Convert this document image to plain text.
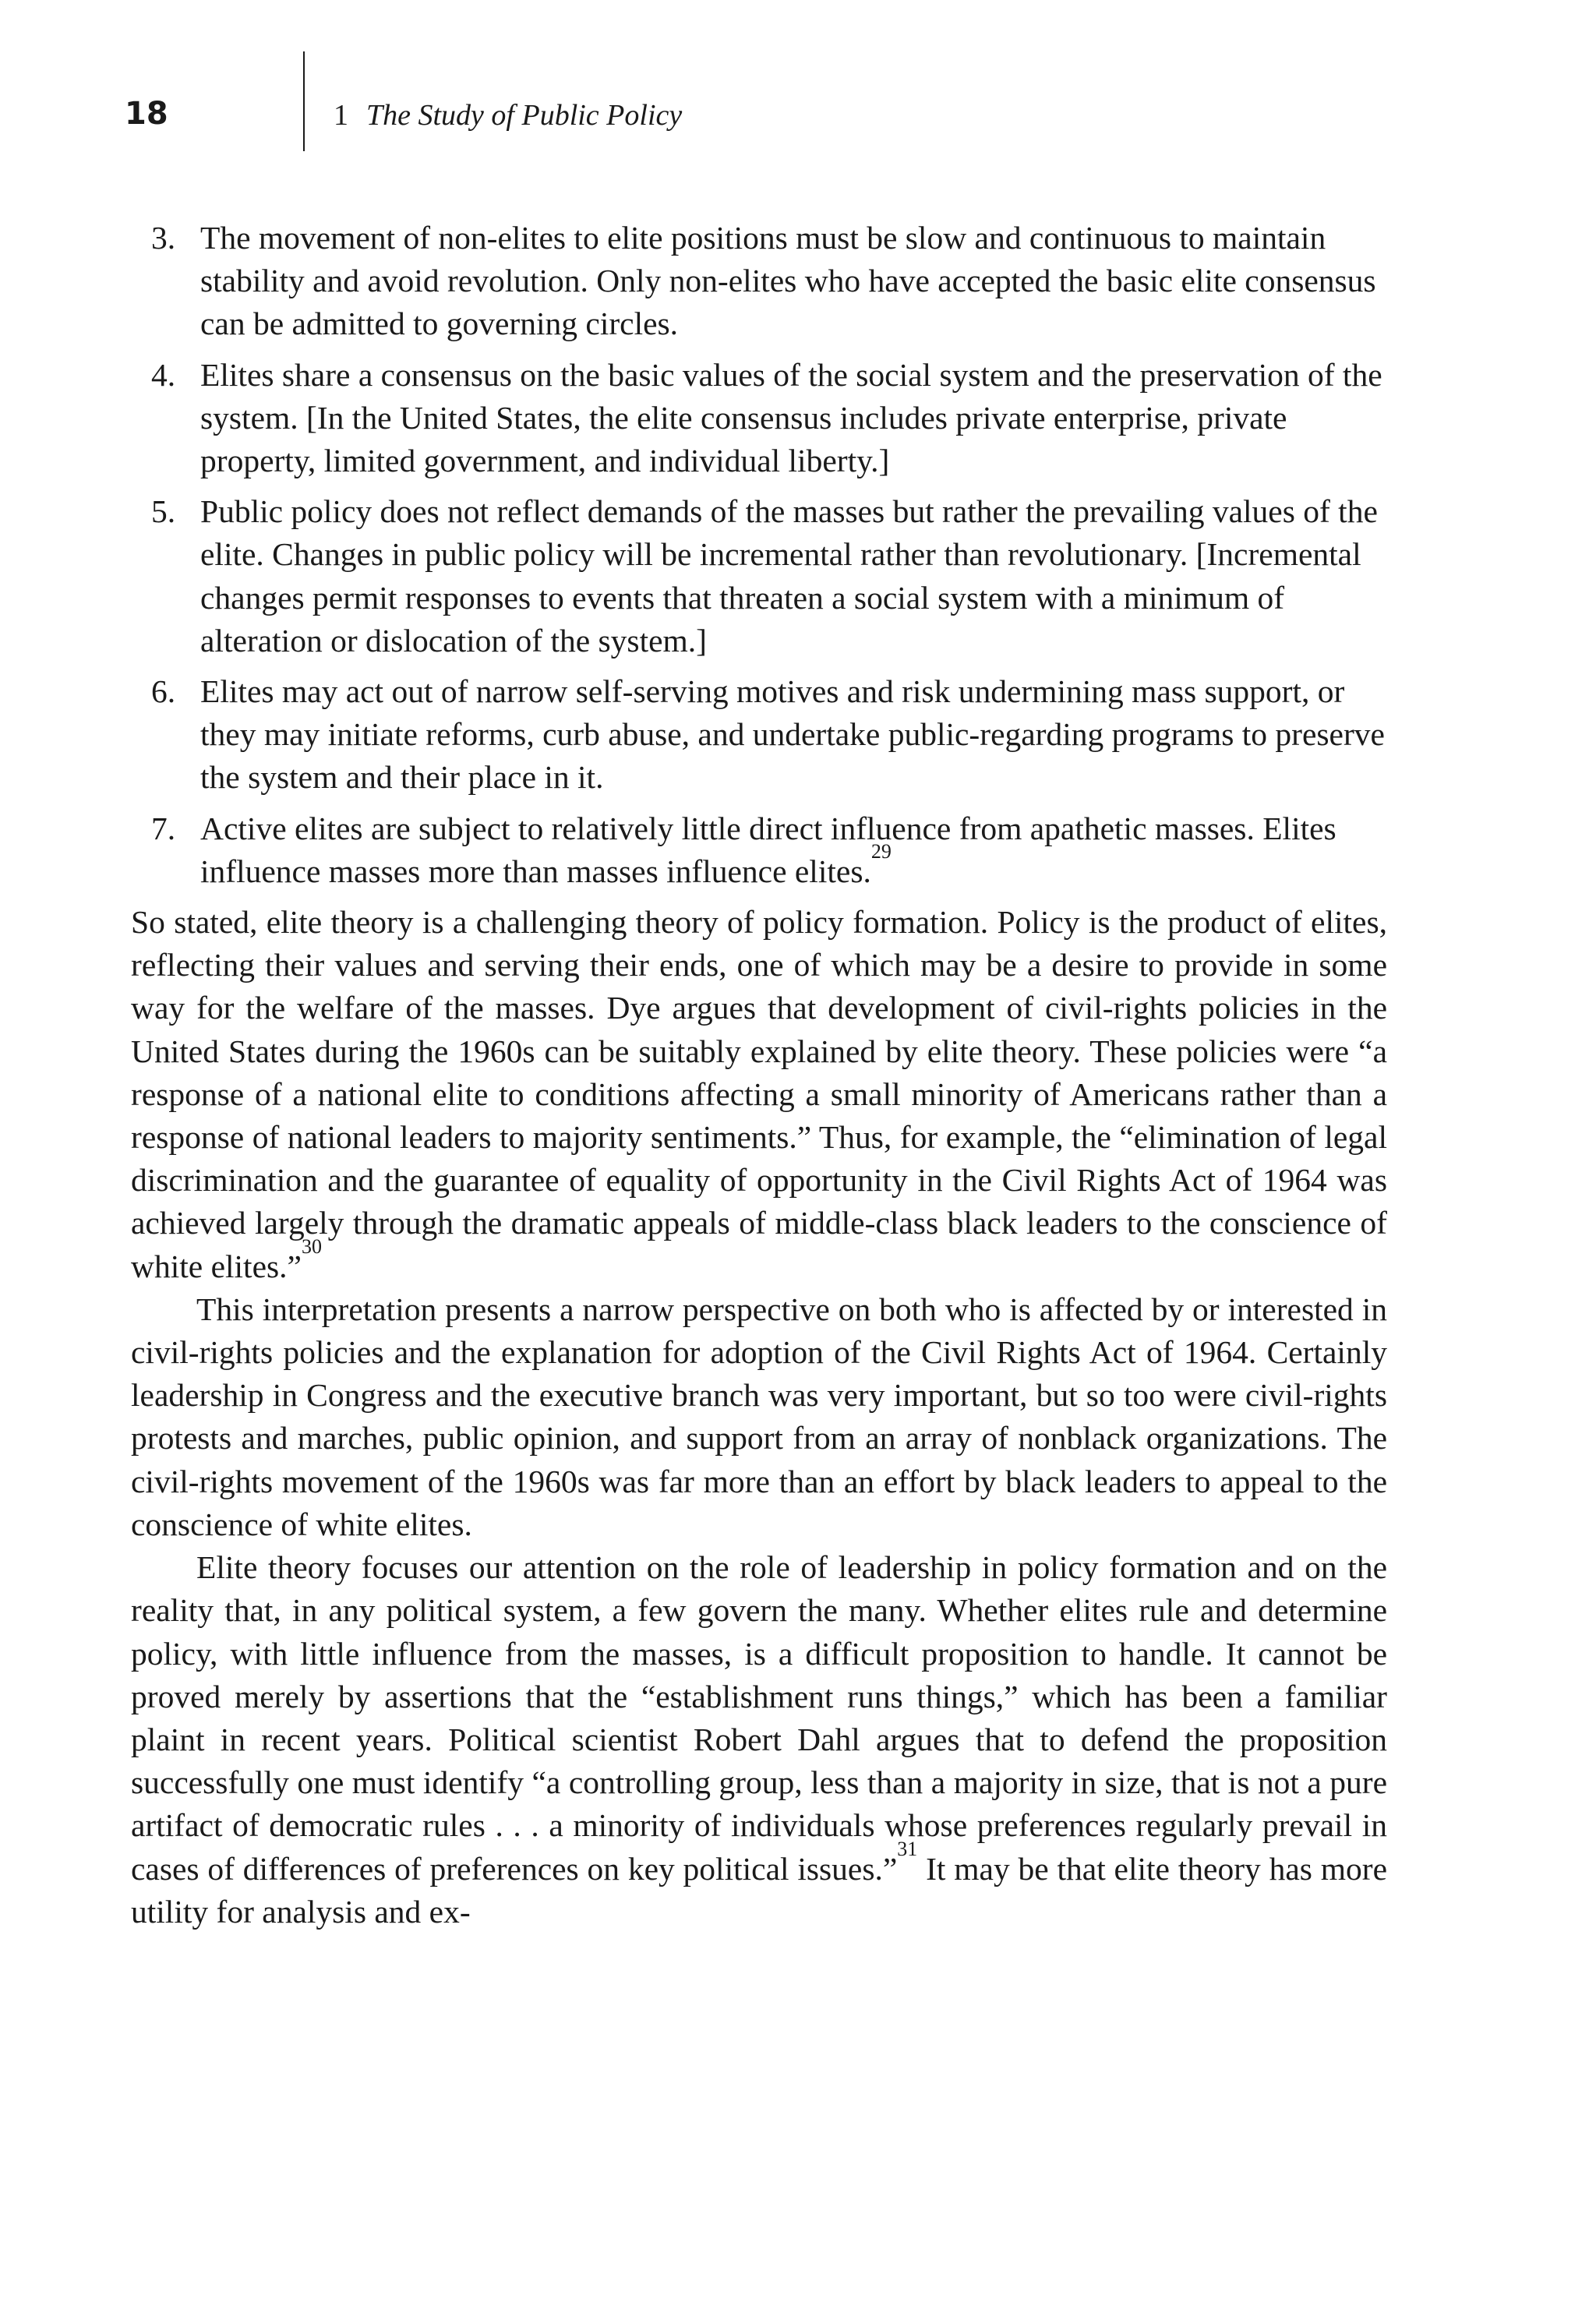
18	1 The Study of Public Policy
3. The movement of non-elites to elite positions must be slow and continuous to maintain stability and avoid revolution. Only non-elites who have accepted the basic elite consensus can be admitted to governing circles.
4. Elites share a consensus on the basic values of the social system and the preservation of the system. [In the United States, the elite consensus includes private enterprise, private property, limited government, and individual liberty.]
5. Public policy does not reflect demands of the masses but rather the prevailing values of the elite. Changes in public policy will be incremental rather than revolutionary. [Incremental changes permit responses to events that threaten a social system with a minimum of alteration or dislocation of the system.]
6. Elites may act out of narrow self-serving motives and risk undermining mass support, or they may initiate reforms, curb abuse, and undertake public-regarding programs to preserve the system and their place in it.
7. Active elites are subject to relatively little direct influence from apathetic masses. Elites influence masses more than masses influence elites.$^{29}$

So stated, elite theory is a challenging theory of policy formation. Policy is the product of elites, reflecting their values and serving their ends, one of which may be a desire to provide in some way for the welfare of the masses. Dye argues that development of civil-rights policies in the United States during the 1960s can be suitably explained by elite theory. These policies were “a response of a national elite to conditions affecting a small minority of Americans rather than a response of national leaders to majority sentiments.” Thus, for example, the “elimination of legal discrimination and the guarantee of equality of opportunity in the Civil Rights Act of 1964 was achieved largely through the dramatic appeals of middle-class black leaders to the conscience of white elites.”$^{30}$

This interpretation presents a narrow perspective on both who is affected by or interested in civil-rights policies and the explanation for adoption of the Civil Rights Act of 1964. Certainly leadership in Congress and the executive branch was very important, but so too were civil-rights protests and marches, public opinion, and support from an array of nonblack organizations. The civil-rights movement of the 1960s was far more than an effort by black leaders to appeal to the conscience of white elites.

Elite theory focuses our attention on the role of leadership in policy formation and on the reality that, in any political system, a few govern the many. Whether elites rule and determine policy, with little influence from the masses, is a difficult proposition to handle. It cannot be proved merely by assertions that the “establishment runs things,” which has been a familiar plaint in recent years. Political scientist Robert Dahl argues that to defend the proposition successfully one must identify “a controlling group, less than a majority in size, that is not a pure artifact of democratic rules . . . a minority of individuals whose preferences regularly prevail in cases of differences of preferences on key political issues.”$^{31}$ It may be that elite theory has more utility for analysis and ex-
